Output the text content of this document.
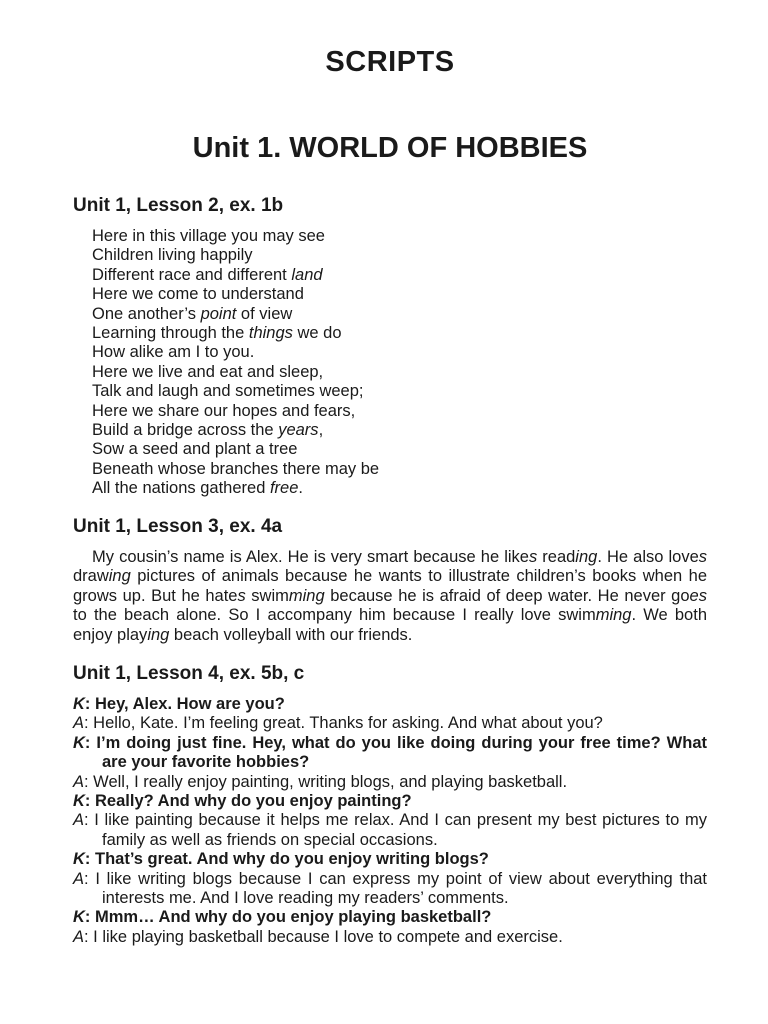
SCRIPTS
Unit 1. WORLD OF HOBBIES
Unit 1, Lesson 2, ex. 1b
Here in this village you may see
Children living happily
Different race and different land
Here we come to understand
One another’s point of view
Learning through the things we do
How alike am I to you.
Here we live and eat and sleep,
Talk and laugh and sometimes weep;
Here we share our hopes and fears,
Build a bridge across the years,
Sow a seed and plant a tree
Beneath whose branches there may be
All the nations gathered free.
Unit 1, Lesson 3, ex. 4a

My cousin’s name is Alex. He is very smart because he likes reading. He also loves drawing pictures of animals because he wants to illustrate children’s books when he grows up. But he hates swimming because he is afraid of deep water. He never goes to the beach alone. So I accompany him because I really love swimming. We both enjoy playing beach volleyball with our friends.

Unit 1, Lesson 4, ex. 5b, c

K: Hey, Alex. How are you?

A: Hello, Kate. I’m feeling great. Thanks for asking. And what about you?

K: I’m doing just fine. Hey, what do you like doing during your free time? What are your favorite hobbies?

A: Well, I really enjoy painting, writing blogs, and playing basketball.

K: Really? And why do you enjoy painting?

A: I like painting because it helps me relax. And I can present my best pictures to my family as well as friends on special occasions.

K: That’s great. And why do you enjoy writing blogs?

A: I like writing blogs because I can express my point of view about everything that interests me. And I love reading my readers’ comments.

K: Mmm… And why do you enjoy playing basketball?

A: I like playing basketball because I love to compete and exercise.
